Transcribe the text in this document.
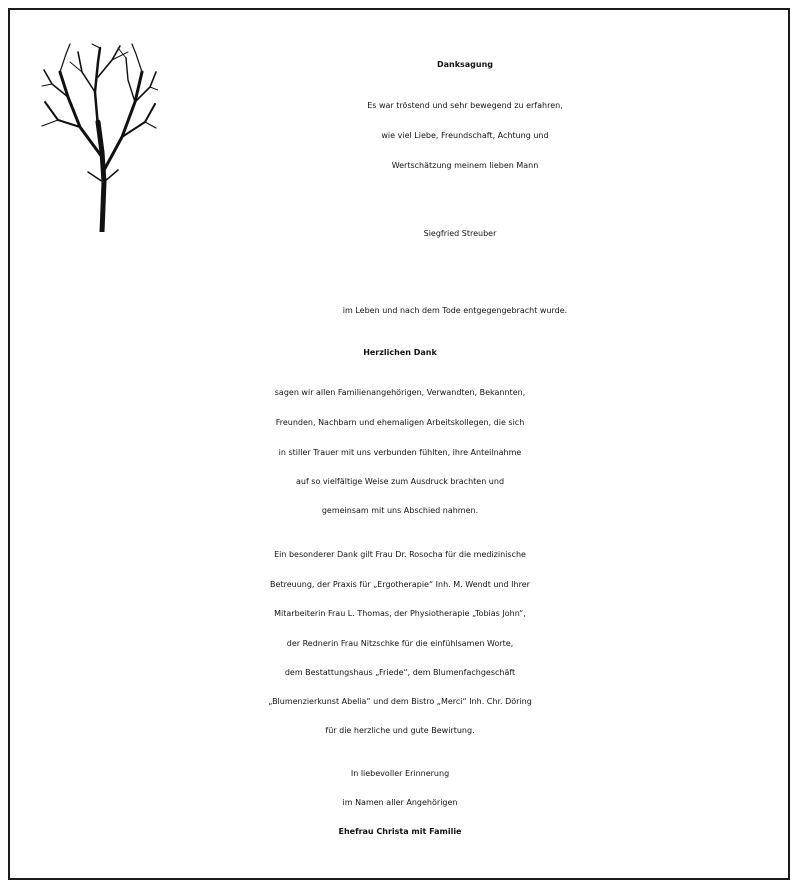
Danksagung
Es war tröstend und sehr bewegend zu erfahren,
wie viel Liebe, Freundschaft, Achtung und
Wertschätzung meinem lieben Mann
Siegfried Streuber
im Leben und nach dem Tode entgegengebracht wurde.
Herzlichen Dank
sagen wir allen Familienangehörigen, Verwandten, Bekannten,
Freunden, Nachbarn und ehemaligen Arbeitskollegen, die sich
in stiller Trauer mit uns verbunden fühlten, ihre Anteilnahme
auf so vielfältige Weise zum Ausdruck brachten und
gemeinsam mit uns Abschied nahmen.
Ein besonderer Dank gilt Frau Dr. Rosocha für die medizinische
Betreuung, der Praxis für „Ergotherapie“ Inh. M. Wendt und Ihrer
Mitarbeiterin Frau L. Thomas, der Physiotherapie „Tobias John“,
der Rednerin Frau Nitzschke für die einfühlsamen Worte,
dem Bestattungshaus „Friede“, dem Blumenfachgeschäft
„Blumenzierkunst Abelia“ und dem Bistro „Merci“ Inh. Chr. Döring
für die herzliche und gute Bewirtung.
In liebevoller Erinnerung
im Namen aller Angehörigen
Ehefrau Christa mit Familie
